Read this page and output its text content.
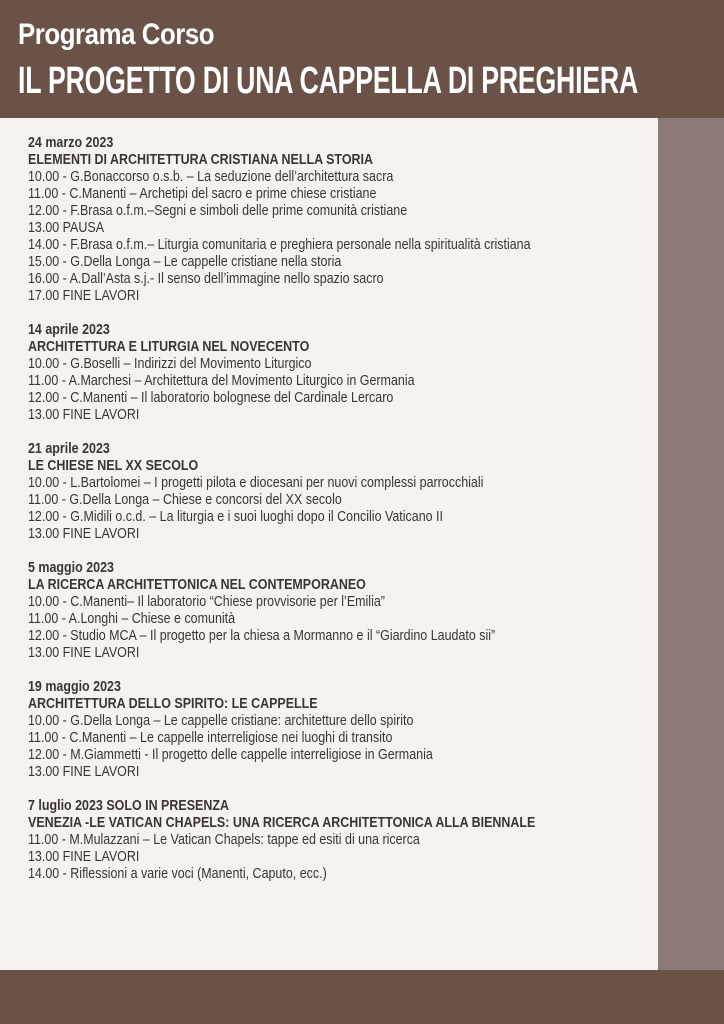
Programa Corso
IL PROGETTO DI UNA CAPPELLA DI PREGHIERA
24 marzo 2023
ELEMENTI DI ARCHITETTURA CRISTIANA NELLA STORIA
10.00 - G.Bonaccorso o.s.b. – La seduzione dell’architettura sacra
11.00 - C.Manenti – Archetipi del sacro e prime chiese cristiane
12.00 - F.Brasa o.f.m.–Segni e simboli delle prime comunità cristiane
13.00 PAUSA
14.00 - F.Brasa o.f.m.– Liturgia comunitaria e preghiera personale nella spiritualità cristiana
15.00 - G.Della Longa – Le cappelle cristiane nella storia
16.00 - A.Dall’Asta s.j.- Il senso dell’immagine nello spazio sacro
17.00 FINE LAVORI
14 aprile 2023
ARCHITETTURA E LITURGIA NEL NOVECENTO
10.00 - G.Boselli – Indirizzi del Movimento Liturgico
11.00 - A.Marchesi – Architettura del Movimento Liturgico in Germania
12.00 - C.Manenti – Il laboratorio bolognese del Cardinale Lercaro
13.00 FINE LAVORI
21 aprile 2023
LE CHIESE NEL XX SECOLO
10.00 - L.Bartolomei – I progetti pilota e diocesani per nuovi complessi parrocchiali
11.00 - G.Della Longa – Chiese e concorsi del XX secolo
12.00 - G.Midili o.c.d. – La liturgia e i suoi luoghi dopo il Concilio Vaticano II
13.00 FINE LAVORI
5 maggio 2023
LA RICERCA ARCHITETTONICA NEL CONTEMPORANEO
10.00 - C.Manenti– Il laboratorio “Chiese provvisorie per l’Emilia”
11.00 - A.Longhi – Chiese e comunità
12.00 - Studio MCA – Il progetto per la chiesa a Mormanno e il “Giardino Laudato sii”
13.00 FINE LAVORI
19 maggio 2023
ARCHITETTURA DELLO SPIRITO: LE CAPPELLE
10.00 - G.Della Longa – Le cappelle cristiane: architetture dello spirito
11.00 - C.Manenti – Le cappelle interreligiose nei luoghi di transito
12.00 - M.Giammetti - Il progetto delle cappelle interreligiose in Germania
13.00 FINE LAVORI
7 luglio 2023 SOLO IN PRESENZA
VENEZIA -LE VATICAN CHAPELS: UNA RICERCA ARCHITETTONICA ALLA BIENNALE
11.00 - M.Mulazzani – Le Vatican Chapels: tappe ed esiti di una ricerca
13.00 FINE LAVORI
14.00 - Riflessioni a varie voci (Manenti, Caputo, ecc.)
